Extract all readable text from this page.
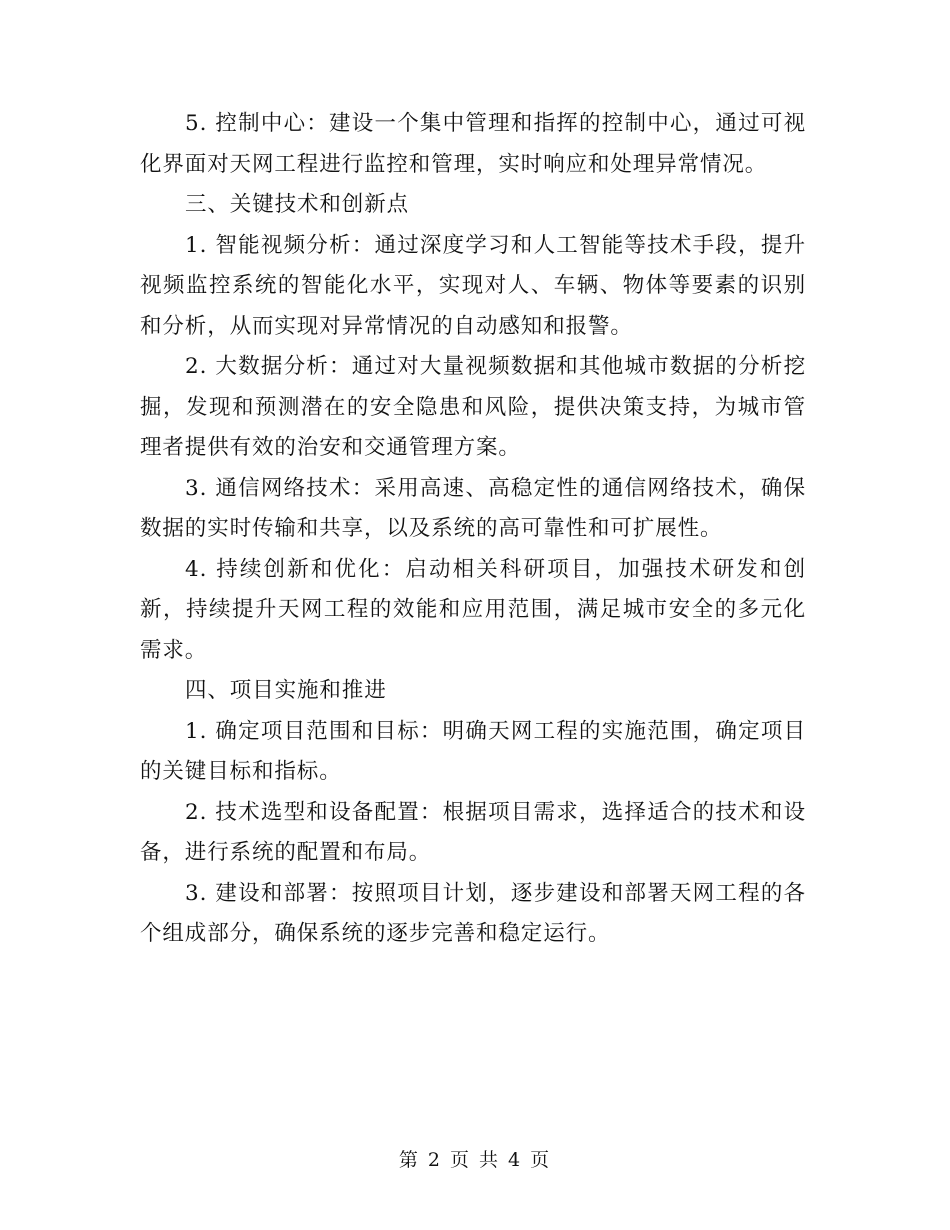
5. 控制中心：建设一个集中管理和指挥的控制中心，通过可视化界面对天网工程进行监控和管理，实时响应和处理异常情况。

三、关键技术和创新点

1. 智能视频分析：通过深度学习和人工智能等技术手段，提升视频监控系统的智能化水平，实现对人、车辆、物体等要素的识别和分析，从而实现对异常情况的自动感知和报警。

2. 大数据分析：通过对大量视频数据和其他城市数据的分析挖掘，发现和预测潜在的安全隐患和风险，提供决策支持，为城市管理者提供有效的治安和交通管理方案。

3. 通信网络技术：采用高速、高稳定性的通信网络技术，确保数据的实时传输和共享，以及系统的高可靠性和可扩展性。

4. 持续创新和优化：启动相关科研项目，加强技术研发和创新，持续提升天网工程的效能和应用范围，满足城市安全的多元化需求。

四、项目实施和推进

1. 确定项目范围和目标：明确天网工程的实施范围，确定项目的关键目标和指标。

2. 技术选型和设备配置：根据项目需求，选择适合的技术和设备，进行系统的配置和布局。

3. 建设和部署：按照项目计划，逐步建设和部署天网工程的各个组成部分，确保系统的逐步完善和稳定运行。

第 2 页 共 4 页
